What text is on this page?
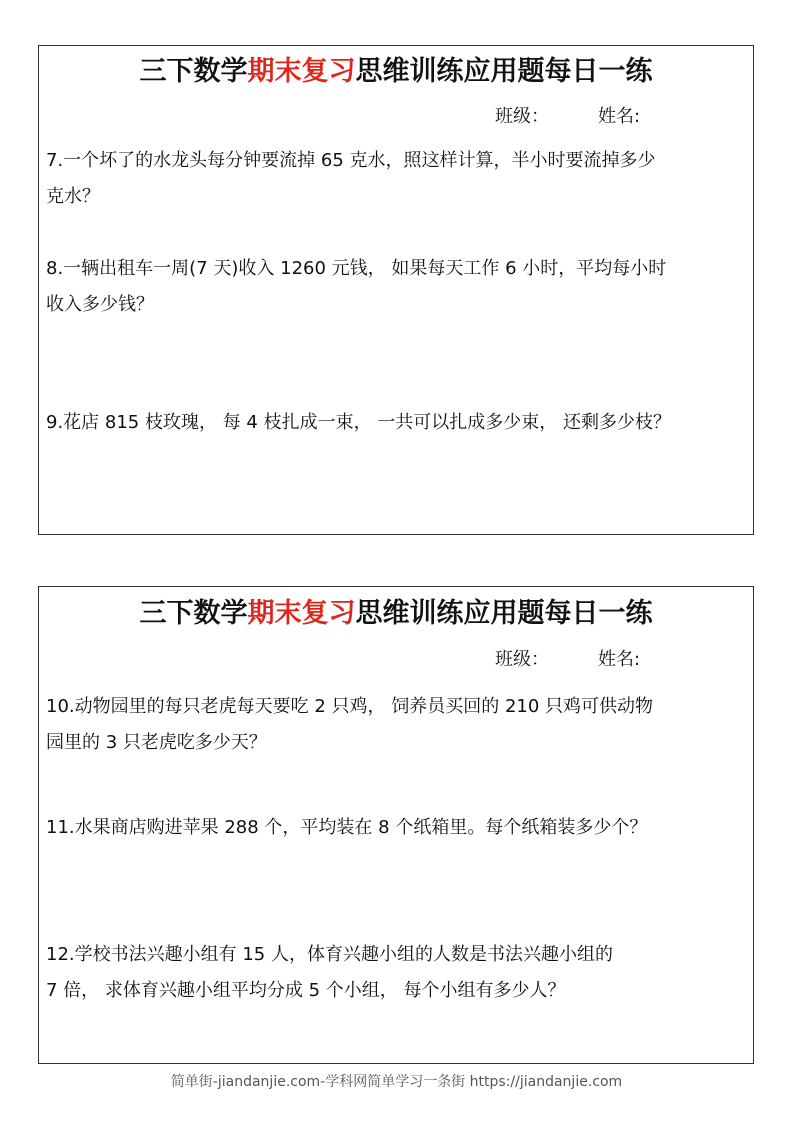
三下数学期末复习思维训练应用题每日一练
班级：	姓名:
7.一个坏了的水龙头每分钟要流掉 65 克水，照这样计算，半小时要流掉多少
克水？
8.一辆出租车一周(7 天)收入 1260 元钱， 如果每天工作 6 小时，平均每小时
收入多少钱？
9.花店 815 枝玫瑰， 每 4 枝扎成一束， 一共可以扎成多少束， 还剩多少枝？
三下数学期末复习思维训练应用题每日一练
班级：	姓名:
10.动物园里的每只老虎每天要吃 2 只鸡， 饲养员买回的 210 只鸡可供动物
园里的 3 只老虎吃多少天？
11.水果商店购进苹果 288 个，平均装在 8 个纸箱里。每个纸箱装多少个？
12.学校书法兴趣小组有 15 人，体育兴趣小组的人数是书法兴趣小组的
7 倍， 求体育兴趣小组平均分成 5 个小组， 每个小组有多少人？
简单街-jiandanjie.com-学科网简单学习一条街 https://jiandanjie.com
